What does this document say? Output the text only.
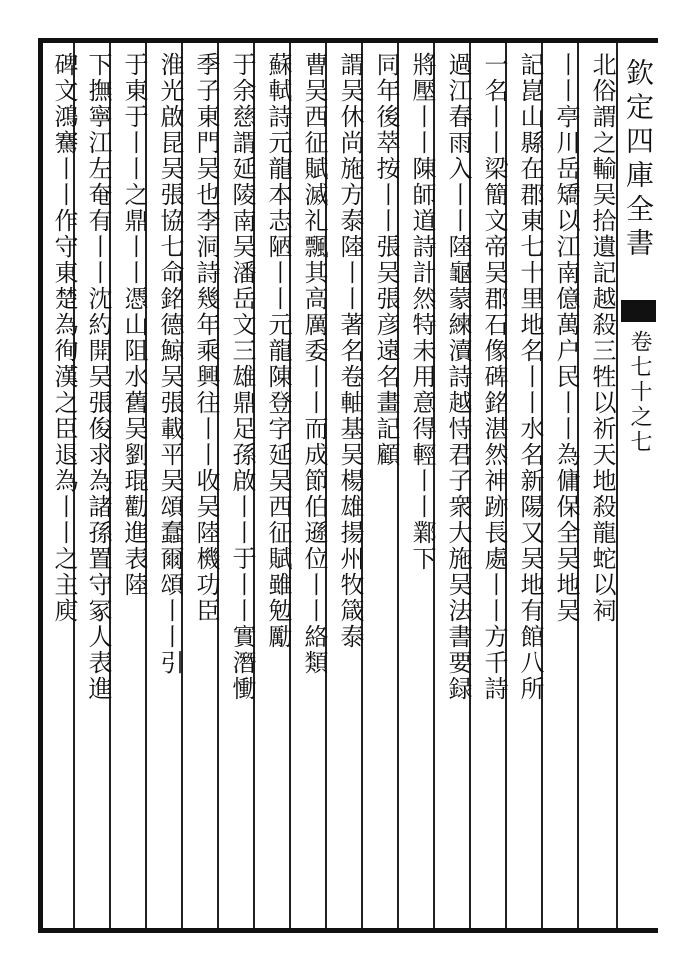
欽定四庫全書
卷七十之七
北俗謂之輸吴拾遺記越殺三牲以祈天地殺龍蛇以祠
丨丨亭川岳矯以江南億萬户民丨丨為傭保全吴地吴
記崑山縣在郡東七十里地名丨丨水名新陽又吴地有館八所
一名丨丨梁簡文帝吴郡石像碑銘湛然神跡長處丨丨方千詩
過江春雨入丨丨陸龜蒙練瀆詩越恃君子衆大施吴法書要録
將壓丨丨陳師道詩計然特未用意得輕丨丨鄴下
同年後萃按丨丨張吴張彦遠名畫記顧
謂吴休尚施方泰陸丨丨著名卷軸基吴楊雄揚州牧箴泰
曹吴西征賦滅礼飄其高厲委丨丨而成節伯遜位丨丨絡類
蘇軾詩元龍本志陋丨丨元龍陳登字延吴西征賦雖勉勵
于余慈謂延陵南吴潘岳文三雄鼎足孫啟丨丨于丨丨實潛慟
季子東門吴也李洞詩幾年乘興往丨丨收吴陸機功臣
淮光啟昆吴張協七命銘德鯨吴張載平吴頌蠢爾頌丨丨引
于東于丨丨之鼎丨丨憑山阻水舊吴劉琨勸進表陸
下撫寧江左奄有丨丨沈約開吴張俊求為諸孫置守冢人表進
碑文鴻騫丨丨作守東楚為徇漢之臣退為丨丨之主庾
